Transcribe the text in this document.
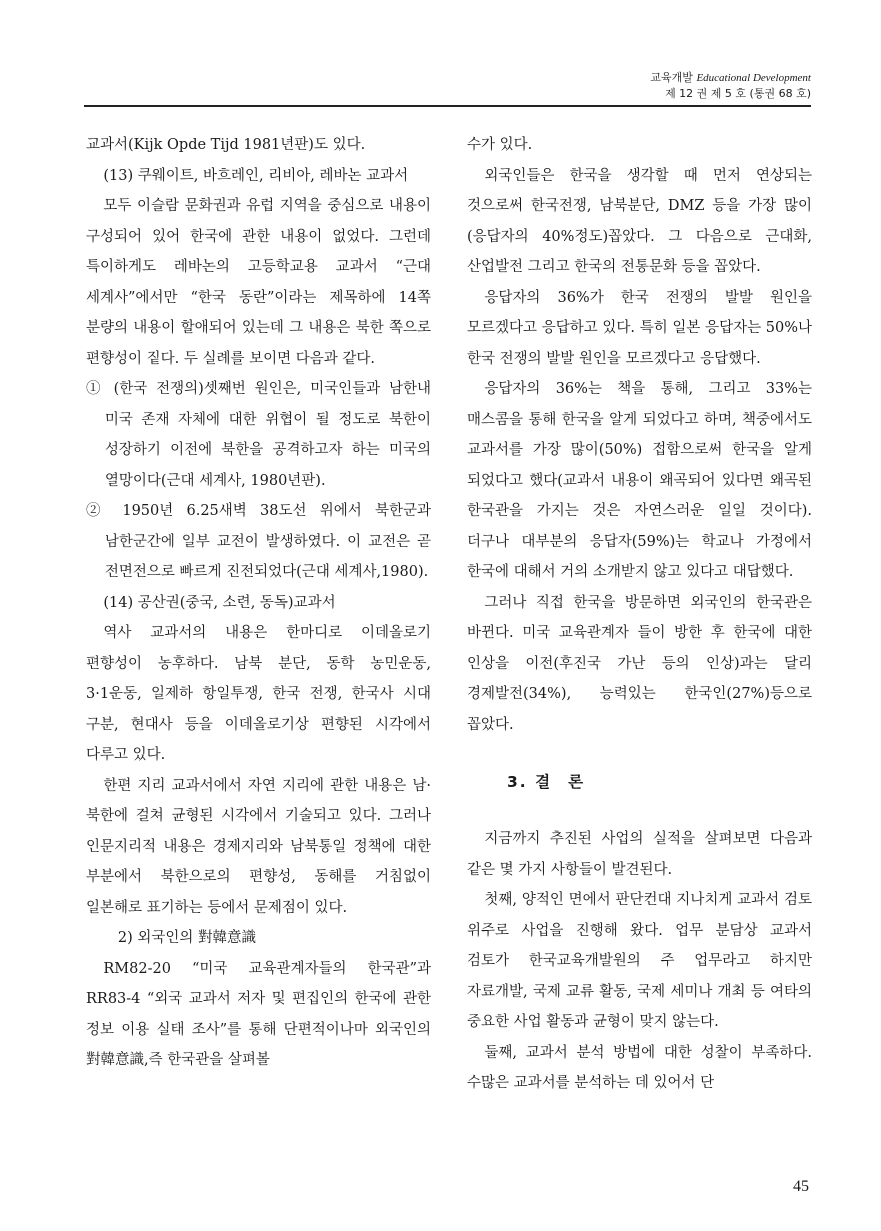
교육개발 Educational Development
제 12 권 제 5 호 (통권 68 호)

교과서(Kijk Opde Tijd 1981년판)도 있다.

(13) 쿠웨이트, 바흐레인, 리비아, 레바논 교과서

모두 이슬람 문화권과 유럽 지역을 중심으로 내용이 구성되어 있어 한국에 관한 내용이 없었다. 그런데 특이하게도 레바논의 고등학교용 교과서 “근대 세계사”에서만 “한국 동란”이라는 제목하에 14쪽 분량의 내용이 할애되어 있는데 그 내용은 북한 쪽으로 편향성이 짙다. 두 실례를 보이면 다음과 같다.

① (한국 전쟁의)셋째번 원인은, 미국인들과 남한내 미국 존재 자체에 대한 위협이 될 정도로 북한이 성장하기 이전에 북한을 공격하고자 하는 미국의 열망이다(근대 세계사, 1980년판).

② 1950년 6.25새벽 38도선 위에서 북한군과 남한군간에 일부 교전이 발생하였다. 이 교전은 곧 전면전으로 빠르게 진전되었다(근대 세계사,1980).

(14) 공산권(중국, 소련, 동독)교과서

역사 교과서의 내용은 한마디로 이데올로기 편향성이 농후하다. 남북 분단, 동학 농민운동, 3·1운동, 일제하 항일투쟁, 한국 전쟁, 한국사 시대 구분, 현대사 등을 이데올로기상 편향된 시각에서 다루고 있다.

한편 지리 교과서에서 자연 지리에 관한 내용은 남·북한에 걸쳐 균형된 시각에서 기술되고 있다. 그러나 인문지리적 내용은 경제지리와 남북통일 정책에 대한 부분에서 북한으로의 편향성, 동해를 거침없이 일본해로 표기하는 등에서 문제점이 있다.

2) 외국인의 對韓意識

RM82-20 “미국 교육관계자들의 한국관”과 RR83-4 “외국 교과서 저자 및 편집인의 한국에 관한 정보 이용 실태 조사”를 통해 단편적이나마 외국인의 對韓意識,즉 한국관을 살펴볼

수가 있다.

외국인들은 한국을 생각할 때 먼저 연상되는 것으로써 한국전쟁, 남북분단, DMZ 등을 가장 많이 (응답자의 40%정도)꼽았다. 그 다음으로 근대화, 산업발전 그리고 한국의 전통문화 등을 꼽았다.

응답자의 36%가 한국 전쟁의 발발 원인을 모르겠다고 응답하고 있다. 특히 일본 응답자는 50%나 한국 전쟁의 발발 원인을 모르겠다고 응답했다.

응답자의 36%는 책을 통해, 그리고 33%는 매스콤을 통해 한국을 알게 되었다고 하며, 책중에서도 교과서를 가장 많이(50%) 접함으로써 한국을 알게 되었다고 했다(교과서 내용이 왜곡되어 있다면 왜곡된 한국관을 가지는 것은 자연스러운 일일 것이다). 더구나 대부분의 응답자(59%)는 학교나 가정에서 한국에 대해서 거의 소개받지 않고 있다고 대답했다.

그러나 직접 한국을 방문하면 외국인의 한국관은 바뀐다. 미국 교육관계자 들이 방한 후 한국에 대한 인상을 이전(후진국 가난 등의 인상)과는 달리 경제발전(34%), 능력있는 한국인(27%)등으로 꼽았다.

3. 결론

지금까지 추진된 사업의 실적을 살펴보면 다음과 같은 몇 가지 사항들이 발견된다.

첫째, 양적인 면에서 판단컨대 지나치게 교과서 검토 위주로 사업을 진행해 왔다. 업무 분담상 교과서 검토가 한국교육개발원의 주 업무라고 하지만 자료개발, 국제 교류 활동, 국제 세미나 개최 등 여타의 중요한 사업 활동과 균형이 맞지 않는다.

둘째, 교과서 분석 방법에 대한 성찰이 부족하다. 수많은 교과서를 분석하는 데 있어서 단

45
